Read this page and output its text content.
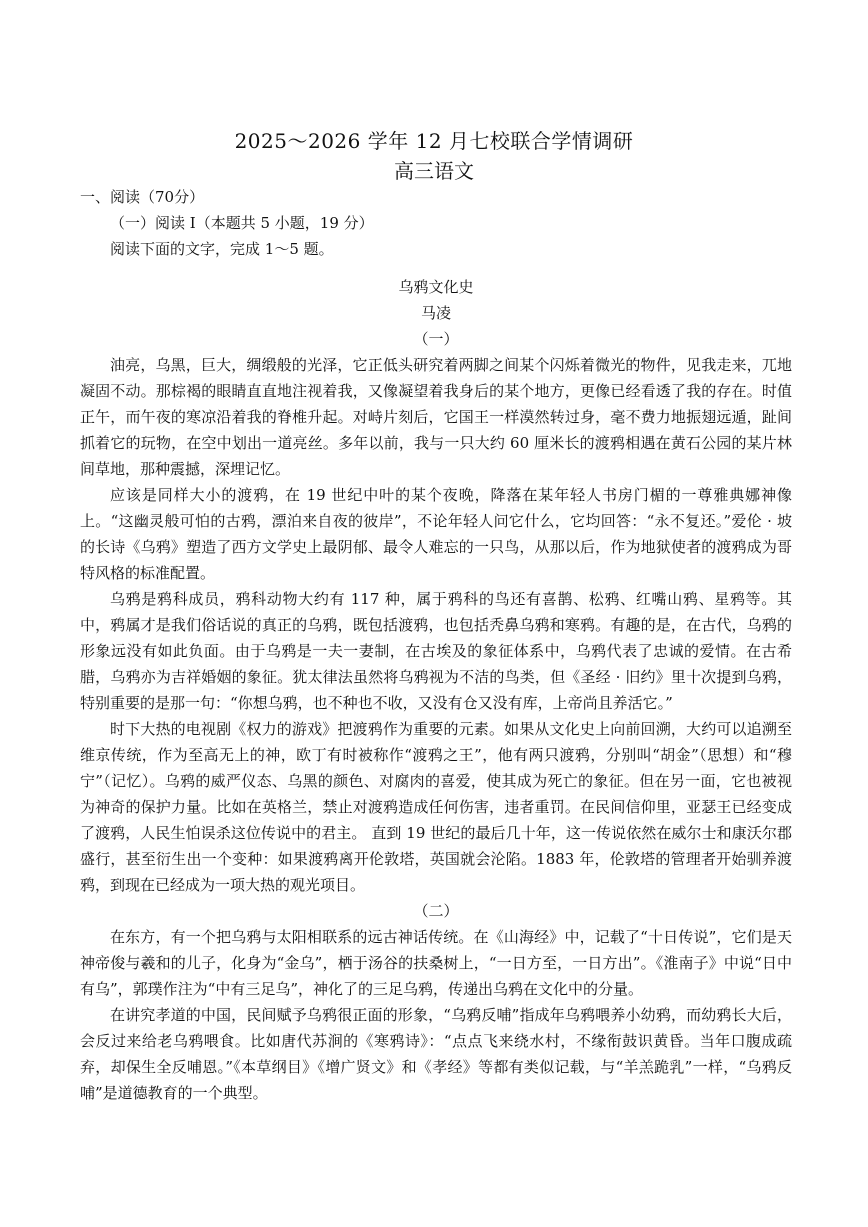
2025～2026 学年 12 月七校联合学情调研
高三语文

一、阅读（70分）

（一）阅读 I（本题共 5 小题，19 分）

阅读下面的文字，完成 1～5 题。

乌鸦文化史

马凌

（一）

油亮，乌黑，巨大，绸缎般的光泽，它正低头研究着两脚之间某个闪烁着微光的物件，见我走来，兀地凝固不动。那棕褐的眼睛直直地注视着我，又像凝望着我身后的某个地方，更像已经看透了我的存在。时值正午，而午夜的寒凉沿着我的脊椎升起。对峙片刻后，它国王一样漠然转过身，毫不费力地振翅远遁，趾间抓着它的玩物，在空中划出一道亮丝。多年以前，我与一只大约 60 厘米长的渡鸦相遇在黄石公园的某片林间草地，那种震撼，深埋记忆。

应该是同样大小的渡鸦，在 19 世纪中叶的某个夜晚，降落在某年轻人书房门楣的一尊雅典娜神像上。“这幽灵般可怕的古鸦，漂泊来自夜的彼岸”，不论年轻人问它什么，它均回答：“永不复还。”爱伦 · 坡的长诗《乌鸦》塑造了西方文学史上最阴郁、最令人难忘的一只鸟，从那以后，作为地狱使者的渡鸦成为哥特风格的标准配置。

乌鸦是鸦科成员，鸦科动物大约有 117 种，属于鸦科的鸟还有喜鹊、松鸦、红嘴山鸦、星鸦等。其中，鸦属才是我们俗话说的真正的乌鸦，既包括渡鸦，也包括秃鼻乌鸦和寒鸦。有趣的是，在古代，乌鸦的形象远没有如此负面。由于乌鸦是一夫一妻制，在古埃及的象征体系中，乌鸦代表了忠诚的爱情。在古希腊，乌鸦亦为吉祥婚姻的象征。犹太律法虽然将乌鸦视为不洁的鸟类，但《圣经 · 旧约》里十次提到乌鸦，特别重要的是那一句：“你想乌鸦，也不种也不收，又没有仓又没有库，上帝尚且养活它。”

时下大热的电视剧《权力的游戏》把渡鸦作为重要的元素。如果从文化史上向前回溯，大约可以追溯至维京传统，作为至高无上的神，欧丁有时被称作“渡鸦之王”，他有两只渡鸦，分别叫“胡金”（思想）和“穆宁”（记忆）。乌鸦的威严仪态、乌黑的颜色、对腐肉的喜爱，使其成为死亡的象征。但在另一面，它也被视为神奇的保护力量。比如在英格兰，禁止对渡鸦造成任何伤害，违者重罚。在民间信仰里，亚瑟王已经变成了渡鸦，人民生怕误杀这位传说中的君主。 直到 19 世纪的最后几十年，这一传说依然在威尔士和康沃尔郡盛行，甚至衍生出一个变种：如果渡鸦离开伦敦塔，英国就会沦陷。1883 年，伦敦塔的管理者开始驯养渡鸦，到现在已经成为一项大热的观光项目。

（二）

在东方，有一个把乌鸦与太阳相联系的远古神话传统。在《山海经》中，记载了“十日传说”，它们是天神帝俊与羲和的儿子，化身为“金乌”，栖于汤谷的扶桑树上，“一日方至，一日方出”。《淮南子》中说“日中有乌”，郭璞作注为“中有三足乌”，神化了的三足乌鸦，传递出乌鸦在文化中的分量。

在讲究孝道的中国，民间赋予乌鸦很正面的形象，“乌鸦反哺”指成年乌鸦喂养小幼鸦，而幼鸦长大后，会反过来给老乌鸦喂食。比如唐代苏涧的《寒鸦诗》：“点点飞来绕水村，不缘衔鼓识黄昏。当年口腹成疏弃，却保生全反哺恩。”《本草纲目》《增广贤文》和《孝经》等都有类似记载，与“羊羔跪乳”一样，“乌鸦反哺”是道德教育的一个典型。
